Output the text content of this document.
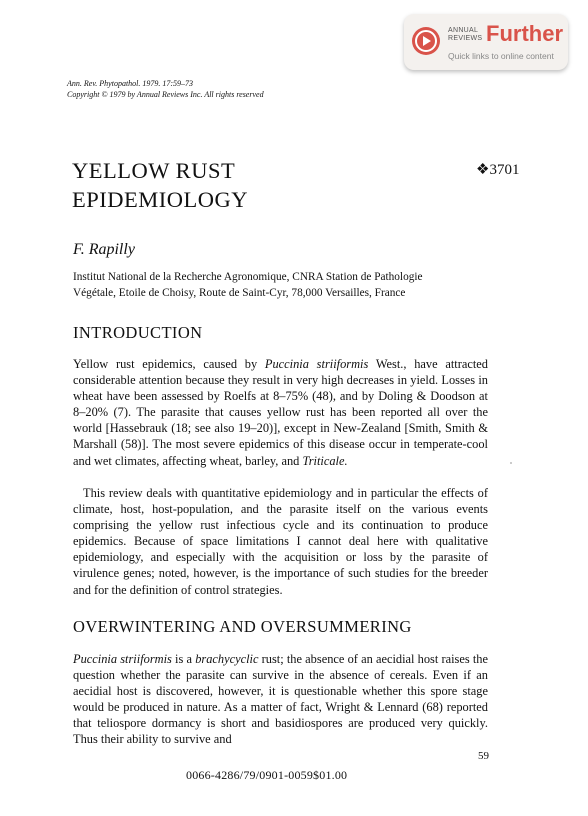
ANNUAL
REVIEWS Further
Quick links to online content
Ann. Rev. Phytopathol. 1979. 17:59–73
Copyright © 1979 by Annual Reviews Inc. All rights reserved
YELLOW RUST
EPIDEMIOLOGY
❖3701
F. Rapilly
Institut National de la Recherche Agronomique, CNRA Station de Pathologie
Végétale, Etoile de Choisy, Route de Saint-Cyr, 78,000 Versailles, France
INTRODUCTION

Yellow rust epidemics, caused by Puccinia striiformis West., have attracted considerable attention because they result in very high decreases in yield. Losses in wheat have been assessed by Roelfs at 8–75% (48), and by Doling & Doodson at 8–20% (7). The parasite that causes yellow rust has been reported all over the world [Hassebrauk (18; see also 19–20)], except in New-Zealand [Smith, Smith & Marshall (58)]. The most severe epidemics of this disease occur in temperate-cool and wet climates, affecting wheat, barley, and Triticale.

This review deals with quantitative epidemiology and in particular the effects of climate, host, host-population, and the parasite itself on the various events comprising the yellow rust infectious cycle and its continuation to produce epidemics. Because of space limitations I cannot deal here with qualitative epidemiology, and especially with the acquisition or loss by the parasite of virulence genes; noted, however, is the importance of such studies for the breeder and for the definition of control strategies.

OVERWINTERING AND OVERSUMMERING

Puccinia striiformis is a brachycyclic rust; the absence of an aecidial host raises the question whether the parasite can survive in the absence of cereals. Even if an aecidial host is discovered, however, it is questionable whether this spore stage would be produced in nature. As a matter of fact, Wright & Lennard (68) reported that teliospore dormancy is short and basidiospores are produced very quickly. Thus their ability to survive and

59
0066-4286/79/0901-0059$01.00
